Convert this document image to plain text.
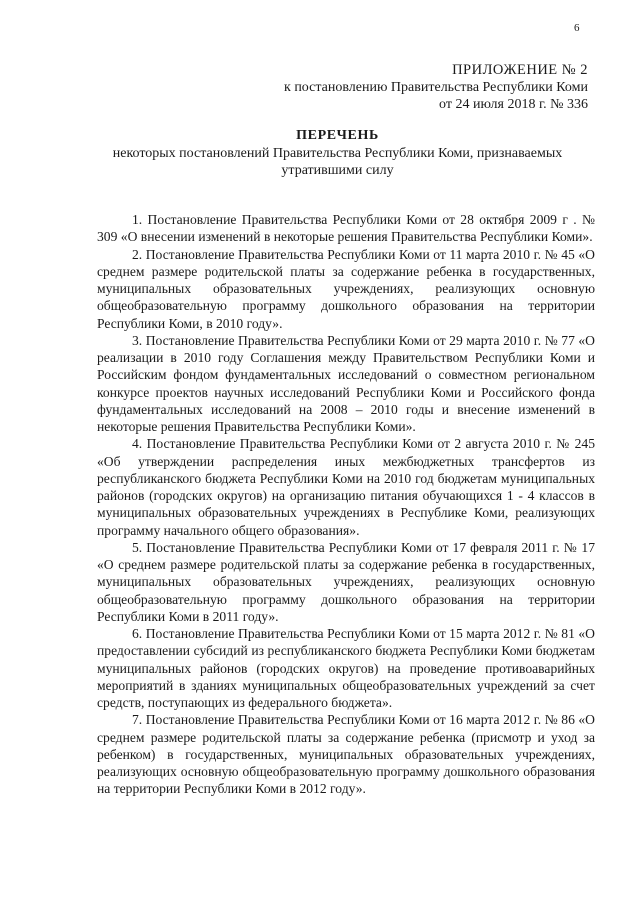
6
ПРИЛОЖЕНИЕ № 2
к постановлению Правительства Республики Коми
от 24 июля 2018 г. № 336
ПЕРЕЧЕНЬ
некоторых постановлений Правительства Республики Коми, признаваемых
утратившими силу

1. Постановление Правительства Республики Коми от 28 октября 2009 г . № 309 «О внесении изменений в некоторые решения Правительства Республики Коми».

2. Постановление Правительства Республики Коми от 11 марта 2010 г. № 45 «О среднем размере родительской платы за содержание ребенка в государственных, муниципальных образовательных учреждениях, реализующих основную общеобразовательную программу дошкольного образования на территории Республики Коми, в 2010 году».

3. Постановление Правительства Республики Коми от 29 марта 2010 г. № 77 «О реализации в 2010 году Соглашения между Правительством Республики Коми и Российским фондом фундаментальных исследований о совместном региональном конкурсе проектов научных исследований Республики Коми и Российского фонда фундаментальных исследований на 2008 – 2010 годы и внесение изменений в некоторые решения Правительства Республики Коми».

4. Постановление Правительства Республики Коми от 2 августа 2010 г. № 245 «Об утверждении распределения иных межбюджетных трансфертов из республиканского бюджета Республики Коми на 2010 год бюджетам муниципальных районов (городских округов) на организацию питания обучающихся 1 - 4 классов в муниципальных образовательных учреждениях в Республике Коми, реализующих программу начального общего образования».

5. Постановление Правительства Республики Коми от 17 февраля 2011 г. № 17 «О среднем размере родительской платы за содержание ребенка в государственных, муниципальных образовательных учреждениях, реализующих основную общеобразовательную программу дошкольного образования на территории Республики Коми в 2011 году».

6. Постановление Правительства Республики Коми от 15 марта 2012 г. № 81 «О предоставлении субсидий из республиканского бюджета Республики Коми бюджетам муниципальных районов (городских округов) на проведение противоаварийных мероприятий в зданиях муниципальных общеобразовательных учреждений за счет средств, поступающих из федерального бюджета».

7. Постановление Правительства Республики Коми от 16 марта 2012 г. № 86 «О среднем размере родительской платы за содержание ребенка (присмотр и уход за ребенком) в государственных, муниципальных образовательных учреждениях, реализующих основную общеобразовательную программу дошкольного образования на территории Республики Коми в 2012 году».
